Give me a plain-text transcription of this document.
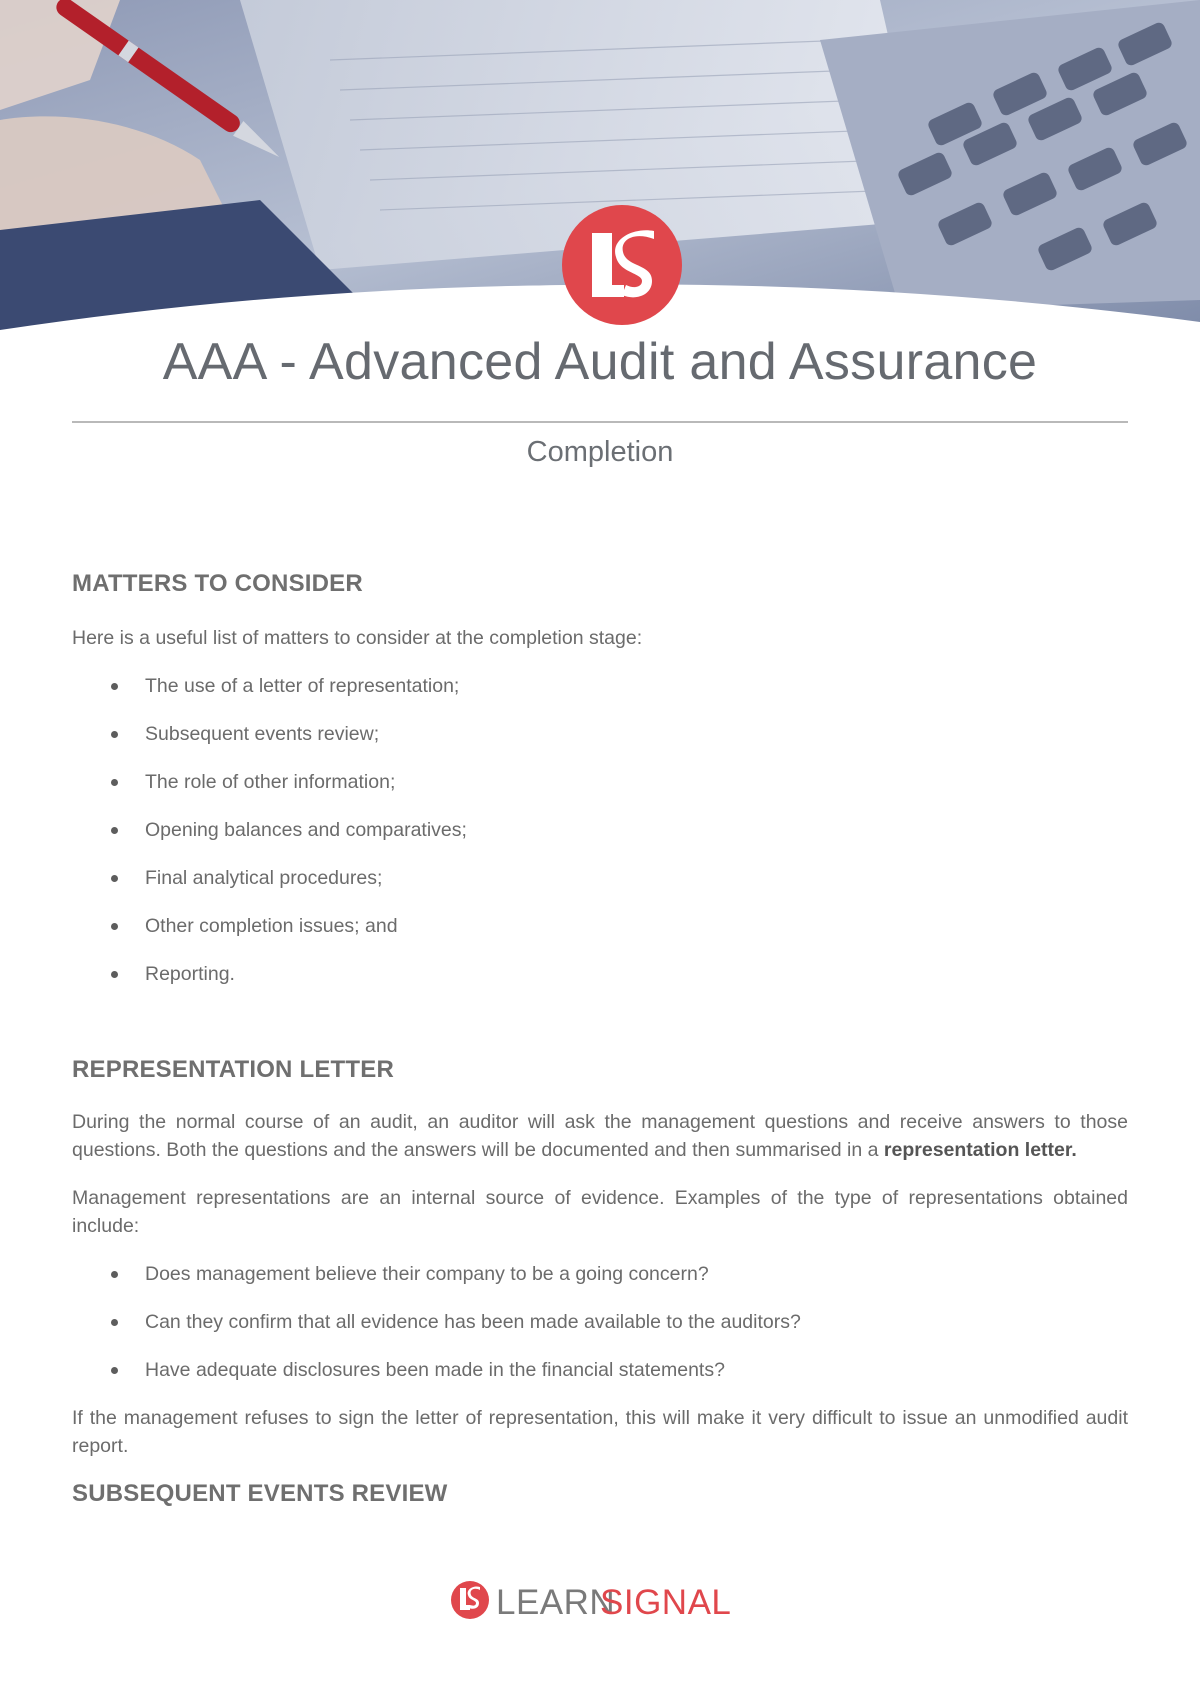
AAA - Advanced Audit and Assurance
Completion
MATTERS TO CONSIDER

Here is a useful list of matters to consider at the completion stage:

The use of a letter of representation;
Subsequent events review;
The role of other information;
Opening balances and comparatives;
Final analytical procedures;
Other completion issues; and
Reporting.
REPRESENTATION LETTER

During the normal course of an audit, an auditor will ask the management questions and receive answers to those questions. Both the questions and the answers will be documented and then summarised in a representation letter.

Management representations are an internal source of evidence. Examples of the type of representations obtained include:

Does management believe their company to be a going concern?
Can they confirm that all evidence has been made available to the auditors?
Have adequate disclosures been made in the financial statements?

If the management refuses to sign the letter of representation, this will make it very difficult to issue an unmodified audit report.

SUBSEQUENT EVENTS REVIEW
LEARN
SIGNAL
